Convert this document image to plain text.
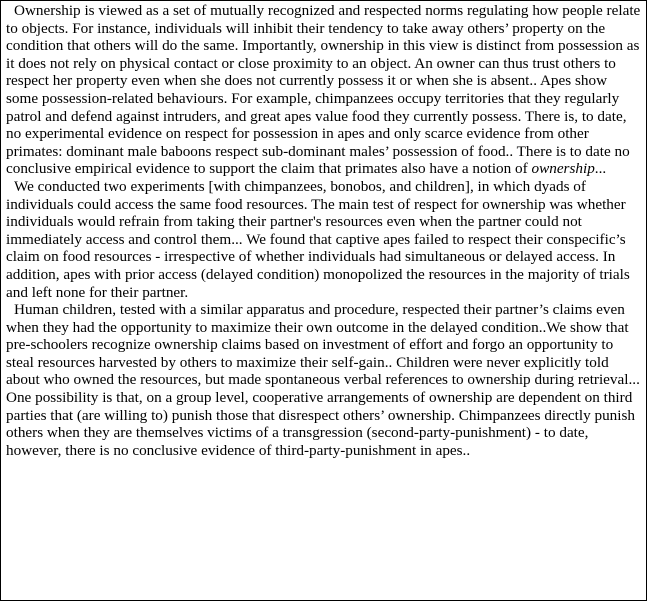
Ownership is viewed as a set of mutually recognized and respected norms regulating how people relate to objects. For instance, individuals will inhibit their tendency to take away others’ property on the condition that others will do the same. Importantly, ownership in this view is distinct from possession as it does not rely on physical contact or close proximity to an object. An owner can thus trust others to respect her property even when she does not currently possess it or when she is absent.. Apes show some possession-related behaviours. For example, chimpanzees occupy territories that they regularly patrol and defend against intruders, and great apes value food they currently possess. There is, to date, no experimental evidence on respect for possession in apes and only scarce evidence from other primates: dominant male baboons respect sub-dominant males’ possession of food.. There is to date no conclusive empirical evidence to support the claim that primates also have a notion of ownership...

We conducted two experiments [with chimpanzees, bonobos, and children], in which dyads of individuals could access the same food resources. The main test of respect for ownership was whether individuals would refrain from taking their partner's resources even when the partner could not immediately access and control them... We found that captive apes failed to respect their conspecific’s claim on food resources - irrespective of whether individuals had simultaneous or delayed access. In addition, apes with prior access (delayed condition) monopolized the resources in the majority of trials and left none for their partner.

Human children, tested with a similar apparatus and procedure, respected their partner’s claims even when they had the opportunity to maximize their own outcome in the delayed condition..We show that pre-schoolers recognize ownership claims based on investment of effort and forgo an opportunity to steal resources harvested by others to maximize their self-gain.. Children were never explicitly told about who owned the resources, but made spontaneous verbal references to ownership during retrieval... One possibility is that, on a group level, cooperative arrangements of ownership are dependent on third parties that (are willing to) punish those that disrespect others’ ownership. Chimpanzees directly punish others when they are themselves victims of a transgression (second-party-punishment) - to date, however, there is no conclusive evidence of third-party-punishment in apes..
